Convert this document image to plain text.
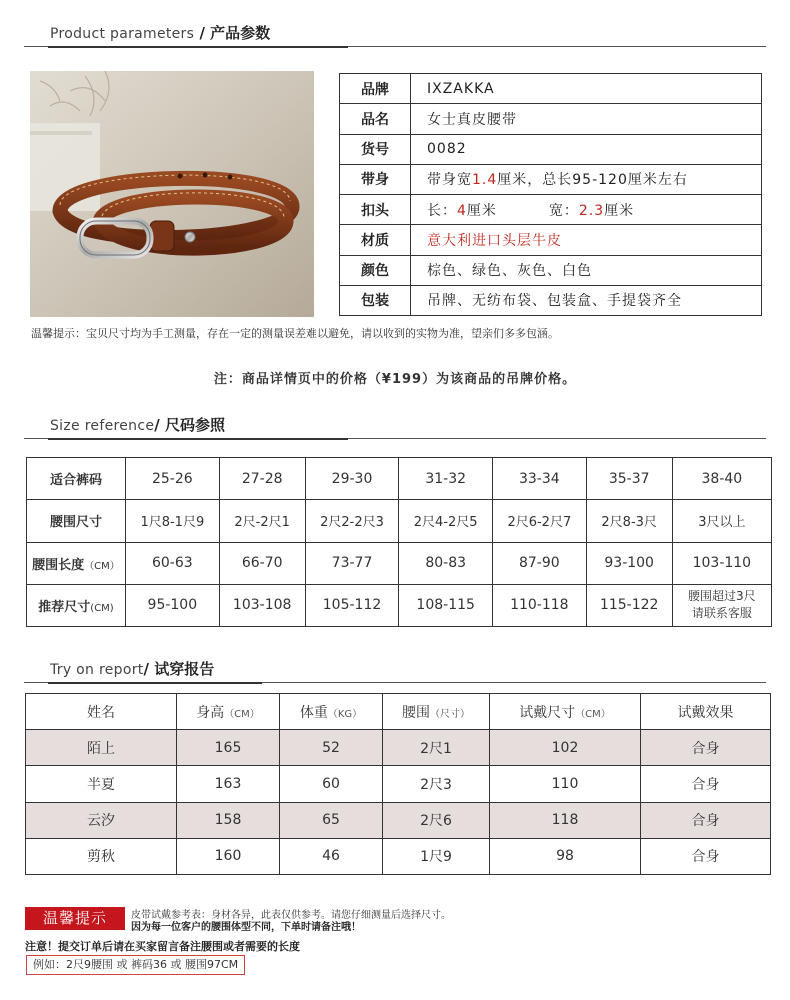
Product parameters / 产品参数
品牌	IXZAKKA
品名	女士真皮腰带
货号	0082
带身	带身宽1.4厘米，总长95-120厘米左右
扣头	长：4厘米 宽：2.3厘米
材质	意大利进口头层牛皮
颜色	棕色、绿色、灰色、白色
包装	吊牌、无纺布袋、包装盒、手提袋齐全
温馨提示：宝贝尺寸均为手工测量，存在一定的测量误差难以避免，请以收到的实物为准，望亲们多多包涵。
注：商品详情页中的价格（¥199）为该商品的吊牌价格。
Size reference/ 尺码参照
适合裤码	25-26	27-28	29-30	31-32	33-34	35-37	38-40
腰围尺寸	1尺8-1尺9	2尺-2尺1	2尺2-2尺3	2尺4-2尺5	2尺6-2尺7	2尺8-3尺	3尺以上
腰围长度（CM）	60-63	66-70	73-77	80-83	87-90	93-100	103-110
推荐尺寸(CM)	95-100	103-108	105-112	108-115	110-118	115-122	腰围超过3尺
请联系客服
Try on report/ 试穿报告
姓名	身高（CM）	体重（KG）	腰围（尺寸）	试戴尺寸（CM）	试戴效果
陌上	165	52	2尺1	102	合身
半夏	163	60	2尺3	110	合身
云汐	158	65	2尺6	118	合身
剪秋	160	46	1尺9	98	合身
温馨提示	皮带试戴参考表：身材各异，此表仅供参考。请您仔细测量后选择尺寸。
因为每一位客户的腰围体型不同，下单时请备注哦！
注意！提交订单后请在买家留言备注腰围或者需要的长度
例如：2尺9腰围 或 裤码36 或 腰围97CM
